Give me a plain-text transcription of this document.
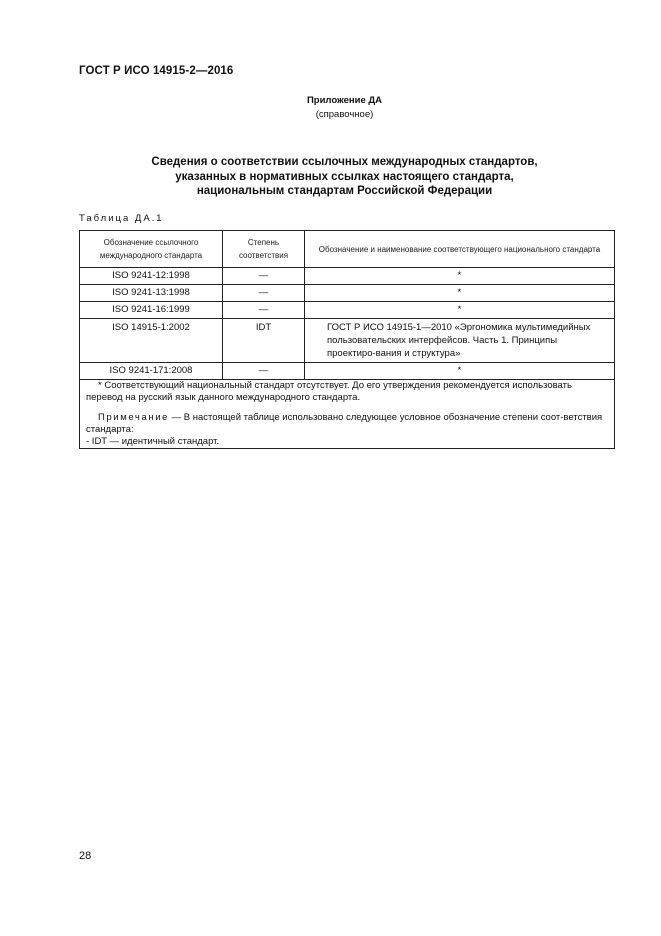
ГОСТ Р ИСО 14915-2—2016
Приложение ДА
(справочное)
Сведения о соответствии ссылочных международных стандартов,
указанных в нормативных ссылках настоящего стандарта,
национальным стандартам Российской Федерации
Таблица ДА.1
Обозначение ссылочного международного стандарта	Степень соответствия	Обозначение и наименование соответствующего национального стандарта
ISO 9241-12:1998	—	*
ISO 9241-13:1998	—	*
ISO 9241-16:1999	—	*
ISO 14915-1:2002	IDT	ГОСТ Р ИСО 14915-1—2010 «Эргономика мультимедийных пользовательских интерфейсов. Часть 1. Принципы проектиро-вания и структура»
ISO 9241-171:2008	—	*

* Соответствующий национальный стандарт отсутствует. До его утверждения рекомендуется использовать перевод на русский язык данного международного стандарта.
Примечание — В настоящей таблице использовано следующее условное обозначение степени соот-ветствия стандарта:
- IDT — идентичный стандарт.		
28
